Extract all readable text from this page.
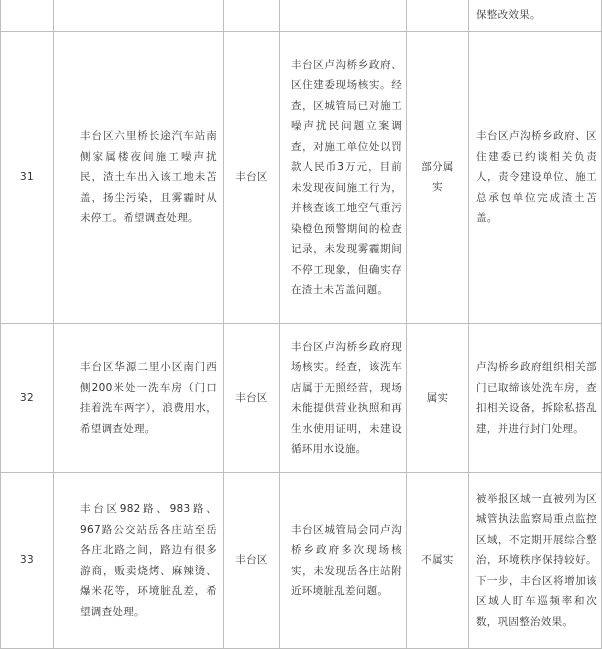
					保整改效果。
31	丰台区六里桥长途汽车站南侧家属楼夜间施工噪声扰民，渣土车出入该工地未苫盖，扬尘污染，且雾霾时从未停工。希望调查处理。	丰台区	丰台区卢沟桥乡政府、区住建委现场核实。经查，区城管局已对施工噪声扰民问题立案调查，对施工单位处以罚款人民币3万元，目前未发现夜间施工行为，并核查该工地空气重污染橙色预警期间的检查记录，未发现雾霾期间不停工现象，但确实存在渣土未苫盖问题。	部分属实	丰台区卢沟桥乡政府、区住建委已约谈相关负责人，责令建设单位、施工总承包单位完成渣土苫盖。
32	丰台区华源二里小区南门西侧200米处一洗车房（门口挂着洗车两字），浪费用水，希望调查处理。	丰台区	丰台区卢沟桥乡政府现场核实。经查，该洗车店属于无照经营，现场未能提供营业执照和再生水使用证明，未建设循环用水设施。	属实	卢沟桥乡政府组织相关部门已取缔该处洗车房，查扣相关设备，拆除私搭乱建，并进行封门处理。
33	丰台区982路、983路、967路公交站岳各庄站至岳各庄北路之间，路边有很多游商，贩卖烧烤、麻辣烫、爆米花等，环境脏乱差，希望调查处理。	丰台区	丰台区城管局会同卢沟桥乡政府多次现场核实，未发现岳各庄站附近环境脏乱差问题。	不属实	被举报区域一直被列为区城管执法监察局重点监控区域，不定期开展综合整治，环境秩序保持较好。下一步，丰台区将增加该区域人盯车巡频率和次数，巩固整治效果。
